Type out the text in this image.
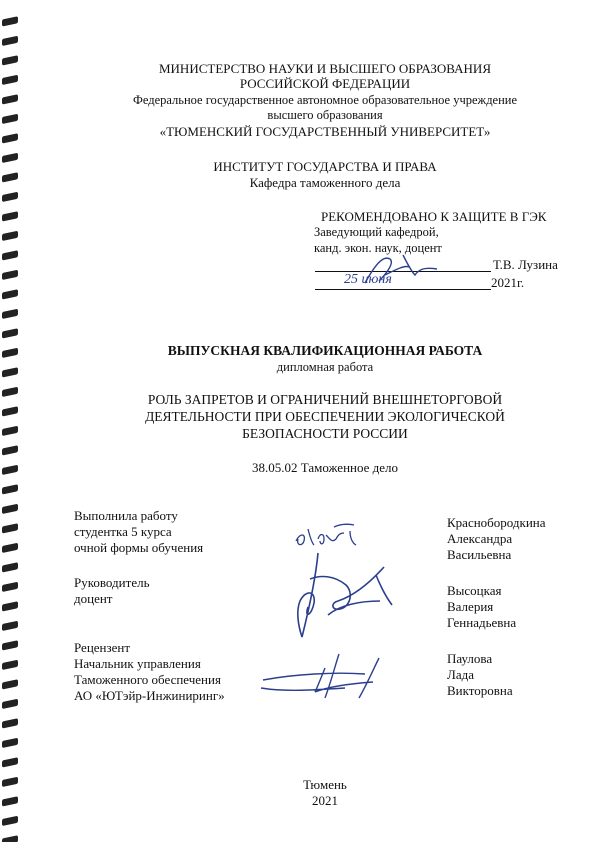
МИНИСТЕРСТВО НАУКИ И ВЫСШЕГО ОБРАЗОВАНИЯ
РОССИЙСКОЙ ФЕДЕРАЦИИ
Федеральное государственное автономное образовательное учреждение
высшего образования
«ТЮМЕНСКИЙ ГОСУДАРСТВЕННЫЙ УНИВЕРСИТЕТ»
ИНСТИТУТ ГОСУДАРСТВА И ПРАВА
Кафедра таможенного дела
РЕКОМЕНДОВАНО К ЗАЩИТЕ В ГЭК
Заведующий кафедрой,
канд. экон. наук, доцент
Т.В. Лузина
25 июня	2021г.
ВЫПУСКНАЯ КВАЛИФИКАЦИОННАЯ РАБОТА
дипломная работа
РОЛЬ ЗАПРЕТОВ И ОГРАНИЧЕНИЙ ВНЕШНЕТОРГОВОЙ
ДЕЯТЕЛЬНОСТИ ПРИ ОБЕСПЕЧЕНИИ ЭКОЛОГИЧЕСКОЙ
БЕЗОПАСНОСТИ РОССИИ
38.05.02 Таможенное дело
Выполнила работу
студентка 5 курса
очной формы обучения
Краснобородкина
Александра
Васильевна
Руководитель
доцент
Высоцкая
Валерия
Геннадьевна
Рецензент
Начальник управления
Таможенного обеспечения
АО «ЮТэйр-Инжиниринг»
Паулова
Лада
Викторовна
Тюмень
2021
